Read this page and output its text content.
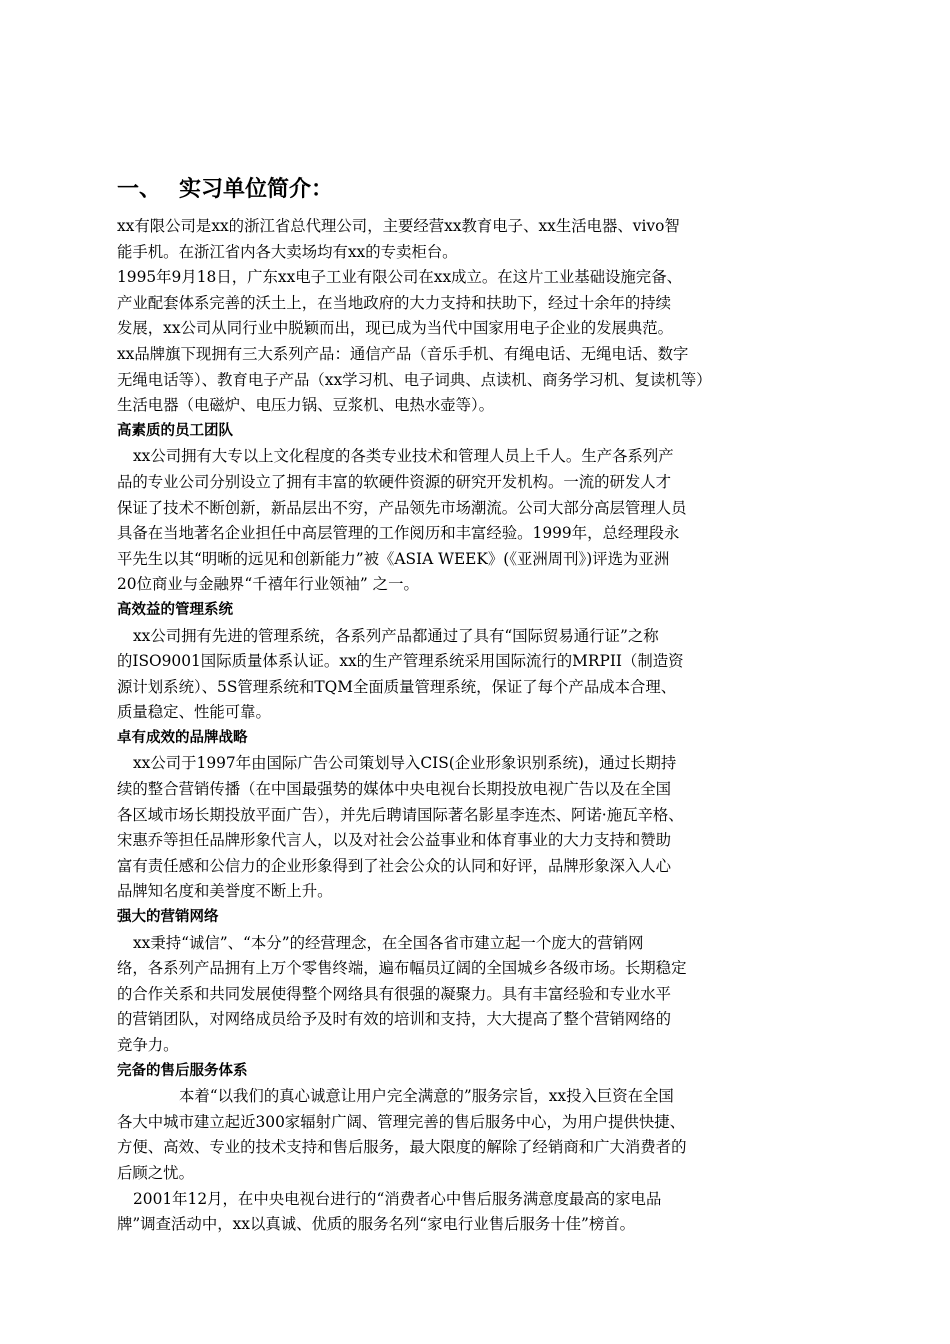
一、 实习单位简介：
xx有限公司是xx的浙江省总代理公司，主要经营xx教育电子、xx生活电器、vivo智
能手机。在浙江省内各大卖场均有xx的专卖柜台。
1995年9月18日，广东xx电子工业有限公司在xx成立。在这片工业基础设施完备、
产业配套体系完善的沃土上，在当地政府的大力支持和扶助下，经过十余年的持续
发展，xx公司从同行业中脱颖而出，现已成为当代中国家用电子企业的发展典范。
xx品牌旗下现拥有三大系列产品：通信产品（音乐手机、有绳电话、无绳电话、数字
无绳电话等）、教育电子产品（xx学习机、电子词典、点读机、商务学习机、复读机等）
生活电器（电磁炉、电压力锅、豆浆机、电热水壶等）。
高素质的员工团队
xx公司拥有大专以上文化程度的各类专业技术和管理人员上千人。生产各系列产
品的专业公司分别设立了拥有丰富的软硬件资源的研究开发机构。一流的研发人才
保证了技术不断创新，新品层出不穷，产品领先市场潮流。公司大部分高层管理人员
具备在当地著名企业担任中高层管理的工作阅历和丰富经验。1999年，总经理段永
平先生以其“明晰的远见和创新能力”被《ASIA WEEK》(《亚洲周刊》)评选为亚洲
20位商业与金融界“千禧年行业领袖” 之一。
高效益的管理系统
xx公司拥有先进的管理系统，各系列产品都通过了具有“国际贸易通行证”之称
的ISO9001国际质量体系认证。xx的生产管理系统采用国际流行的MRPII（制造资
源计划系统）、5S管理系统和TQM全面质量管理系统，保证了每个产品成本合理、
质量稳定、性能可靠。
卓有成效的品牌战略
xx公司于1997年由国际广告公司策划导入CIS(企业形象识别系统)，通过长期持
续的整合营销传播（在中国最强势的媒体中央电视台长期投放电视广告以及在全国
各区域市场长期投放平面广告），并先后聘请国际著名影星李连杰、阿诺·施瓦辛格、
宋惠乔等担任品牌形象代言人，以及对社会公益事业和体育事业的大力支持和赞助
富有责任感和公信力的企业形象得到了社会公众的认同和好评，品牌形象深入人心
品牌知名度和美誉度不断上升。
强大的营销网络
xx秉持“诚信”、“本分”的经营理念，在全国各省市建立起一个庞大的营销网
络，各系列产品拥有上万个零售终端，遍布幅员辽阔的全国城乡各级市场。长期稳定
的合作关系和共同发展使得整个网络具有很强的凝聚力。具有丰富经验和专业水平
的营销团队，对网络成员给予及时有效的培训和支持，大大提高了整个营销网络的
竞争力。
完备的售后服务体系
本着“以我们的真心诚意让用户完全满意的”服务宗旨，xx投入巨资在全国
各大中城市建立起近300家辐射广阔、管理完善的售后服务中心，为用户提供快捷、
方便、高效、专业的技术支持和售后服务，最大限度的解除了经销商和广大消费者的
后顾之忧。
2001年12月，在中央电视台进行的“消费者心中售后服务满意度最高的家电品
牌”调查活动中，xx以真诚、优质的服务名列“家电行业售后服务十佳”榜首。
